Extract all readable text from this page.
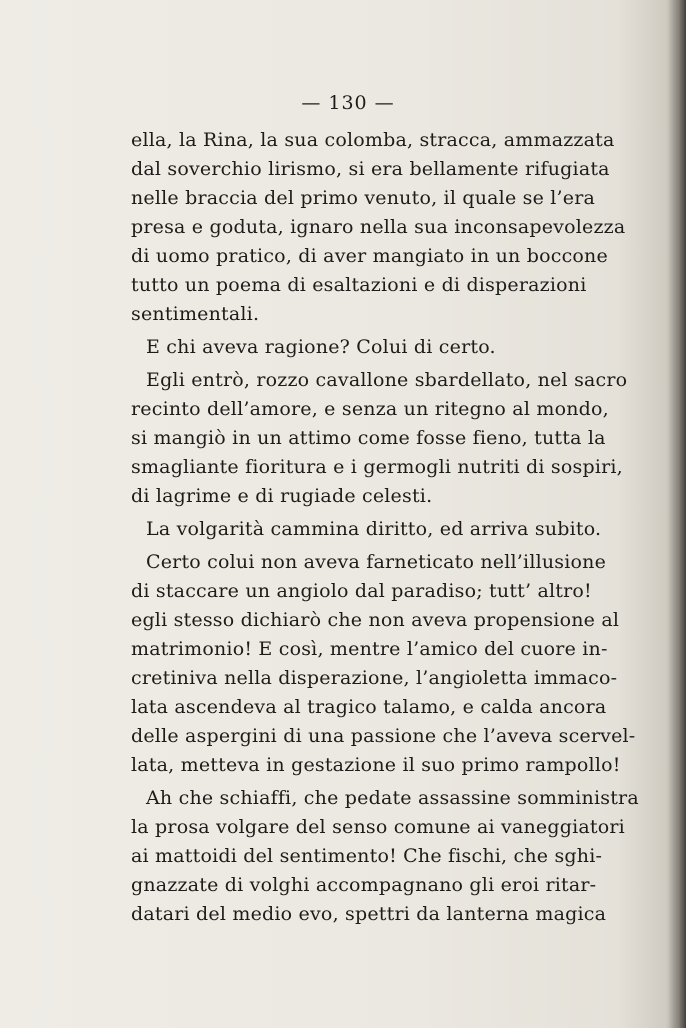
— 130 —
ella, la Rina, la sua colomba, stracca, ammazzata
dal soverchio lirismo, si era bellamente rifugiata
nelle braccia del primo venuto, il quale se l’era
presa e goduta, ignaro nella sua inconsapevolezza
di uomo pratico, di aver mangiato in un boccone
tutto un poema di esaltazioni e di disperazioni
sentimentali.
E chi aveva ragione? Colui di certo.
Egli entrò, rozzo cavallone sbardellato, nel sacro
recinto dell’amore, e senza un ritegno al mondo,
si mangiò in un attimo come fosse fieno, tutta la
smagliante fioritura e i germogli nutriti di sospiri,
di lagrime e di rugiade celesti.
La volgarità cammina diritto, ed arriva subito.
Certo colui non aveva farneticato nell’illusione
di staccare un angiolo dal paradiso; tutt’ altro!
egli stesso dichiarò che non aveva propensione al
matrimonio! E così, mentre l’amico del cuore in-
cretiniva nella disperazione, l’angioletta immaco-
lata ascendeva al tragico talamo, e calda ancora
delle aspergini di una passione che l’aveva scervel-
lata, metteva in gestazione il suo primo rampollo!
Ah che schiaffi, che pedate assassine somministra
la prosa volgare del senso comune ai vaneggiatori
ai mattoidi del sentimento! Che fischi, che sghi-
gnazzate di volghi accompagnano gli eroi ritar-
datari del medio evo, spettri da lanterna magica
